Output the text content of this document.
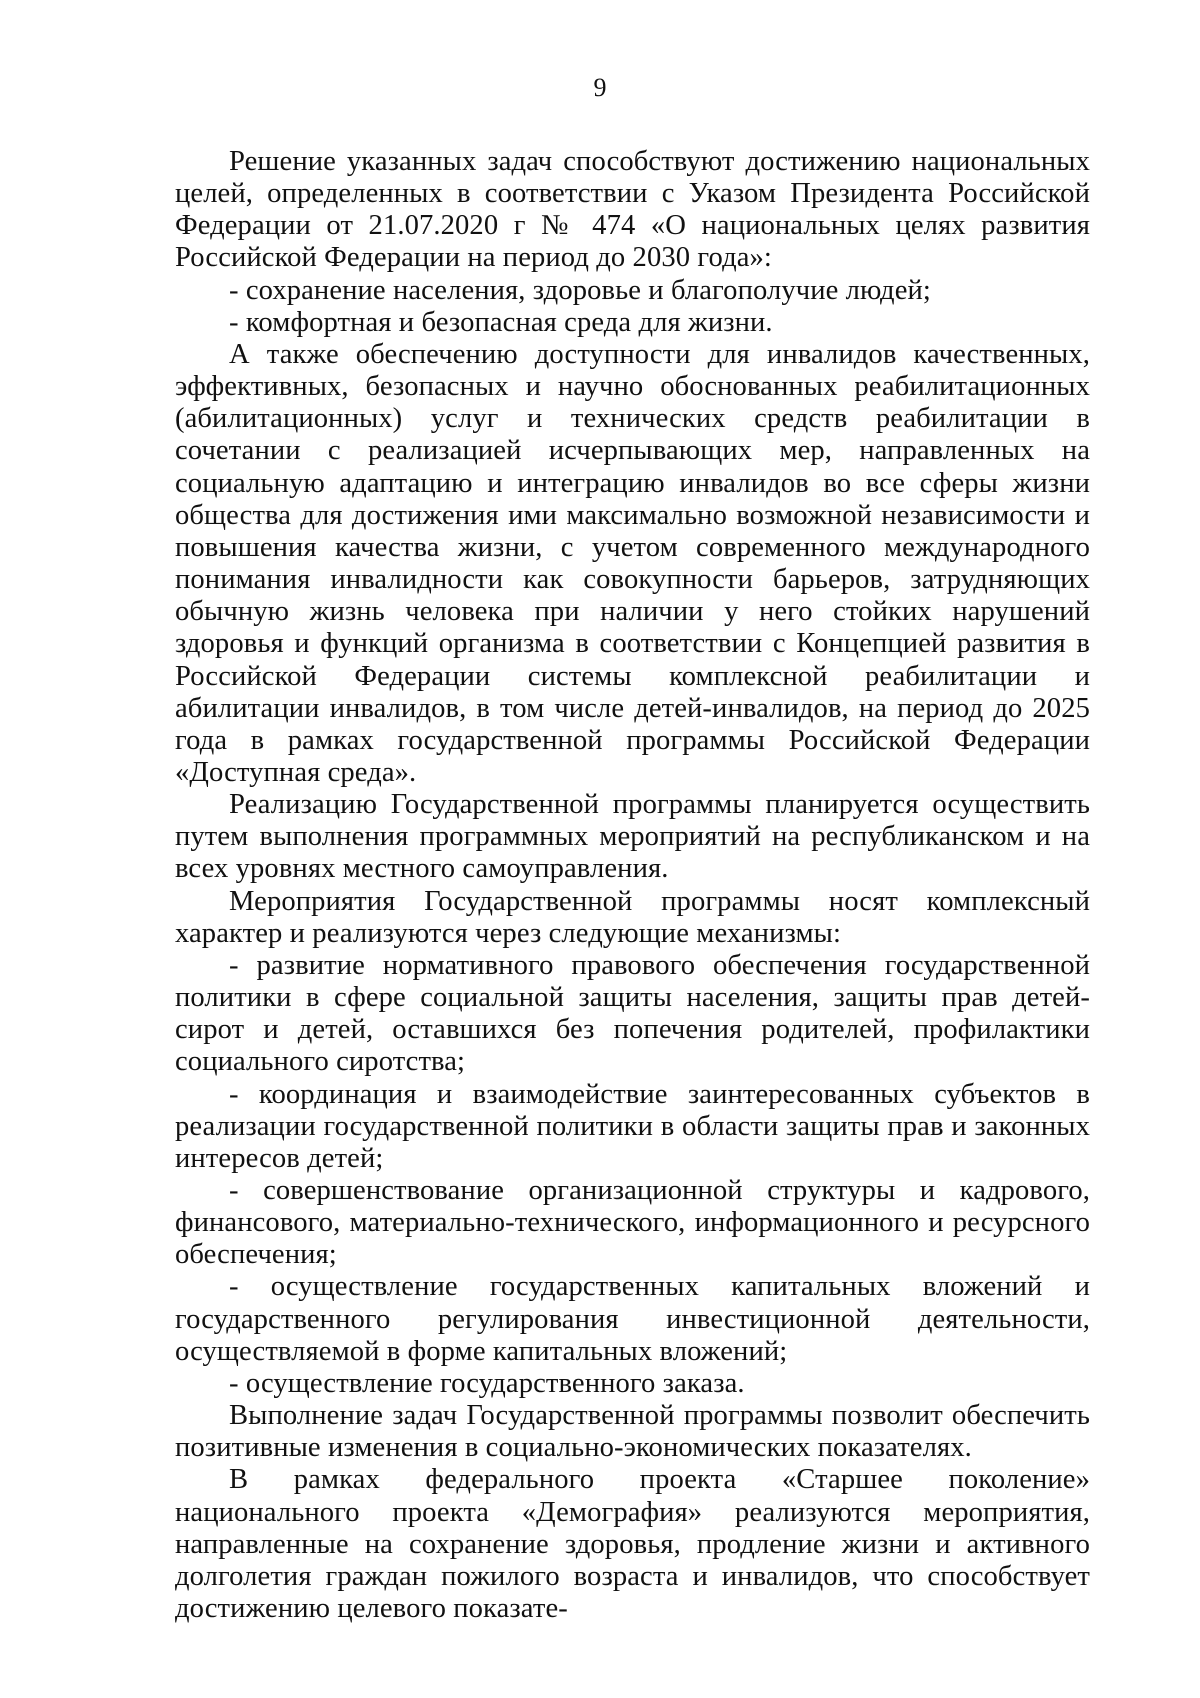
9

Решение указанных задач способствуют достижению национальных целей, определенных в соответствии с Указом Президента Российской Федерации от 21.07.2020 г № 474 «О национальных целях развития Российской Федерации на период до 2030 года»:

- сохранение населения, здоровье и благополучие людей;

- комфортная и безопасная среда для жизни.

А также обеспечению доступности для инвалидов качественных, эффективных, безопасных и научно обоснованных реабилитационных (абилитационных) услуг и технических средств реабилитации в сочетании с реализацией исчерпывающих мер, направленных на социальную адаптацию и интеграцию инвалидов во все сферы жизни общества для достижения ими максимально возможной независимости и повышения качества жизни, с учетом современного международного понимания инвалидности как совокупности барьеров, затрудняющих обычную жизнь человека при наличии у него стойких нарушений здоровья и функций организма в соответствии с Концепцией развития в Российской Федерации системы комплексной реабилитации и абилитации инвалидов, в том числе детей-инвалидов, на период до 2025 года в рамках государственной программы Российской Федерации «Доступная среда».

Реализацию Государственной программы планируется осуществить путем выполнения программных мероприятий на республиканском и на всех уровнях местного самоуправления.

Мероприятия Государственной программы носят комплексный характер и реализуются через следующие механизмы:

- развитие нормативного правового обеспечения государственной политики в сфере социальной защиты населения, защиты прав детей-сирот и детей, оставшихся без попечения родителей, профилактики социального сиротства;

- координация и взаимодействие заинтересованных субъектов в реализации государственной политики в области защиты прав и законных интересов детей;

- совершенствование организационной структуры и кадрового, финансового, материально-технического, информационного и ресурсного обеспечения;

- осуществление государственных капитальных вложений и государственного регулирования инвестиционной деятельности, осуществляемой в форме капитальных вложений;

- осуществление государственного заказа.

Выполнение задач Государственной программы позволит обеспечить позитивные изменения в социально-экономических показателях.

В рамках федерального проекта «Старшее поколение» национального проекта «Демография» реализуются мероприятия, направленные на сохранение здоровья, продление жизни и активного долголетия граждан пожилого возраста и инвалидов, что способствует достижению целевого показате-
